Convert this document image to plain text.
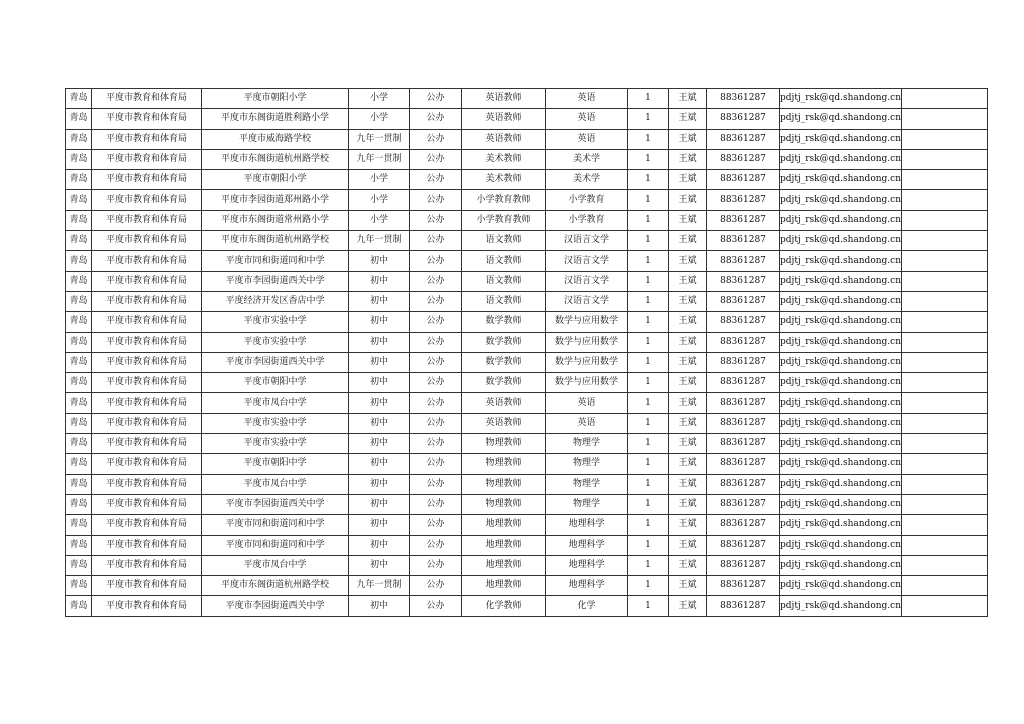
青岛	平度市教育和体育局	平度市朝阳小学	小学	公办	英语教师	英语	1	王斌	88361287	pdjtj_rsk@qd.shandong.cn	
青岛	平度市教育和体育局	平度市东阁街道胜利路小学	小学	公办	英语教师	英语	1	王斌	88361287	pdjtj_rsk@qd.shandong.cn	
青岛	平度市教育和体育局	平度市威海路学校	九年一贯制	公办	英语教师	英语	1	王斌	88361287	pdjtj_rsk@qd.shandong.cn	
青岛	平度市教育和体育局	平度市东阁街道杭州路学校	九年一贯制	公办	美术教师	美术学	1	王斌	88361287	pdjtj_rsk@qd.shandong.cn	
青岛	平度市教育和体育局	平度市朝阳小学	小学	公办	美术教师	美术学	1	王斌	88361287	pdjtj_rsk@qd.shandong.cn	
青岛	平度市教育和体育局	平度市李园街道郑州路小学	小学	公办	小学教育教师	小学教育	1	王斌	88361287	pdjtj_rsk@qd.shandong.cn	
青岛	平度市教育和体育局	平度市东阁街道常州路小学	小学	公办	小学教育教师	小学教育	1	王斌	88361287	pdjtj_rsk@qd.shandong.cn	
青岛	平度市教育和体育局	平度市东阁街道杭州路学校	九年一贯制	公办	语文教师	汉语言文学	1	王斌	88361287	pdjtj_rsk@qd.shandong.cn	
青岛	平度市教育和体育局	平度市同和街道同和中学	初中	公办	语文教师	汉语言文学	1	王斌	88361287	pdjtj_rsk@qd.shandong.cn	
青岛	平度市教育和体育局	平度市李园街道西关中学	初中	公办	语文教师	汉语言文学	1	王斌	88361287	pdjtj_rsk@qd.shandong.cn	
青岛	平度市教育和体育局	平度经济开发区香店中学	初中	公办	语文教师	汉语言文学	1	王斌	88361287	pdjtj_rsk@qd.shandong.cn	
青岛	平度市教育和体育局	平度市实验中学	初中	公办	数学教师	数学与应用数学	1	王斌	88361287	pdjtj_rsk@qd.shandong.cn	
青岛	平度市教育和体育局	平度市实验中学	初中	公办	数学教师	数学与应用数学	1	王斌	88361287	pdjtj_rsk@qd.shandong.cn	
青岛	平度市教育和体育局	平度市李园街道西关中学	初中	公办	数学教师	数学与应用数学	1	王斌	88361287	pdjtj_rsk@qd.shandong.cn	
青岛	平度市教育和体育局	平度市朝阳中学	初中	公办	数学教师	数学与应用数学	1	王斌	88361287	pdjtj_rsk@qd.shandong.cn	
青岛	平度市教育和体育局	平度市凤台中学	初中	公办	英语教师	英语	1	王斌	88361287	pdjtj_rsk@qd.shandong.cn	
青岛	平度市教育和体育局	平度市实验中学	初中	公办	英语教师	英语	1	王斌	88361287	pdjtj_rsk@qd.shandong.cn	
青岛	平度市教育和体育局	平度市实验中学	初中	公办	物理教师	物理学	1	王斌	88361287	pdjtj_rsk@qd.shandong.cn	
青岛	平度市教育和体育局	平度市朝阳中学	初中	公办	物理教师	物理学	1	王斌	88361287	pdjtj_rsk@qd.shandong.cn	
青岛	平度市教育和体育局	平度市凤台中学	初中	公办	物理教师	物理学	1	王斌	88361287	pdjtj_rsk@qd.shandong.cn	
青岛	平度市教育和体育局	平度市李园街道西关中学	初中	公办	物理教师	物理学	1	王斌	88361287	pdjtj_rsk@qd.shandong.cn	
青岛	平度市教育和体育局	平度市同和街道同和中学	初中	公办	地理教师	地理科学	1	王斌	88361287	pdjtj_rsk@qd.shandong.cn	
青岛	平度市教育和体育局	平度市同和街道同和中学	初中	公办	地理教师	地理科学	1	王斌	88361287	pdjtj_rsk@qd.shandong.cn	
青岛	平度市教育和体育局	平度市凤台中学	初中	公办	地理教师	地理科学	1	王斌	88361287	pdjtj_rsk@qd.shandong.cn	
青岛	平度市教育和体育局	平度市东阁街道杭州路学校	九年一贯制	公办	地理教师	地理科学	1	王斌	88361287	pdjtj_rsk@qd.shandong.cn	
青岛	平度市教育和体育局	平度市李园街道西关中学	初中	公办	化学教师	化学	1	王斌	88361287	pdjtj_rsk@qd.shandong.cn	
